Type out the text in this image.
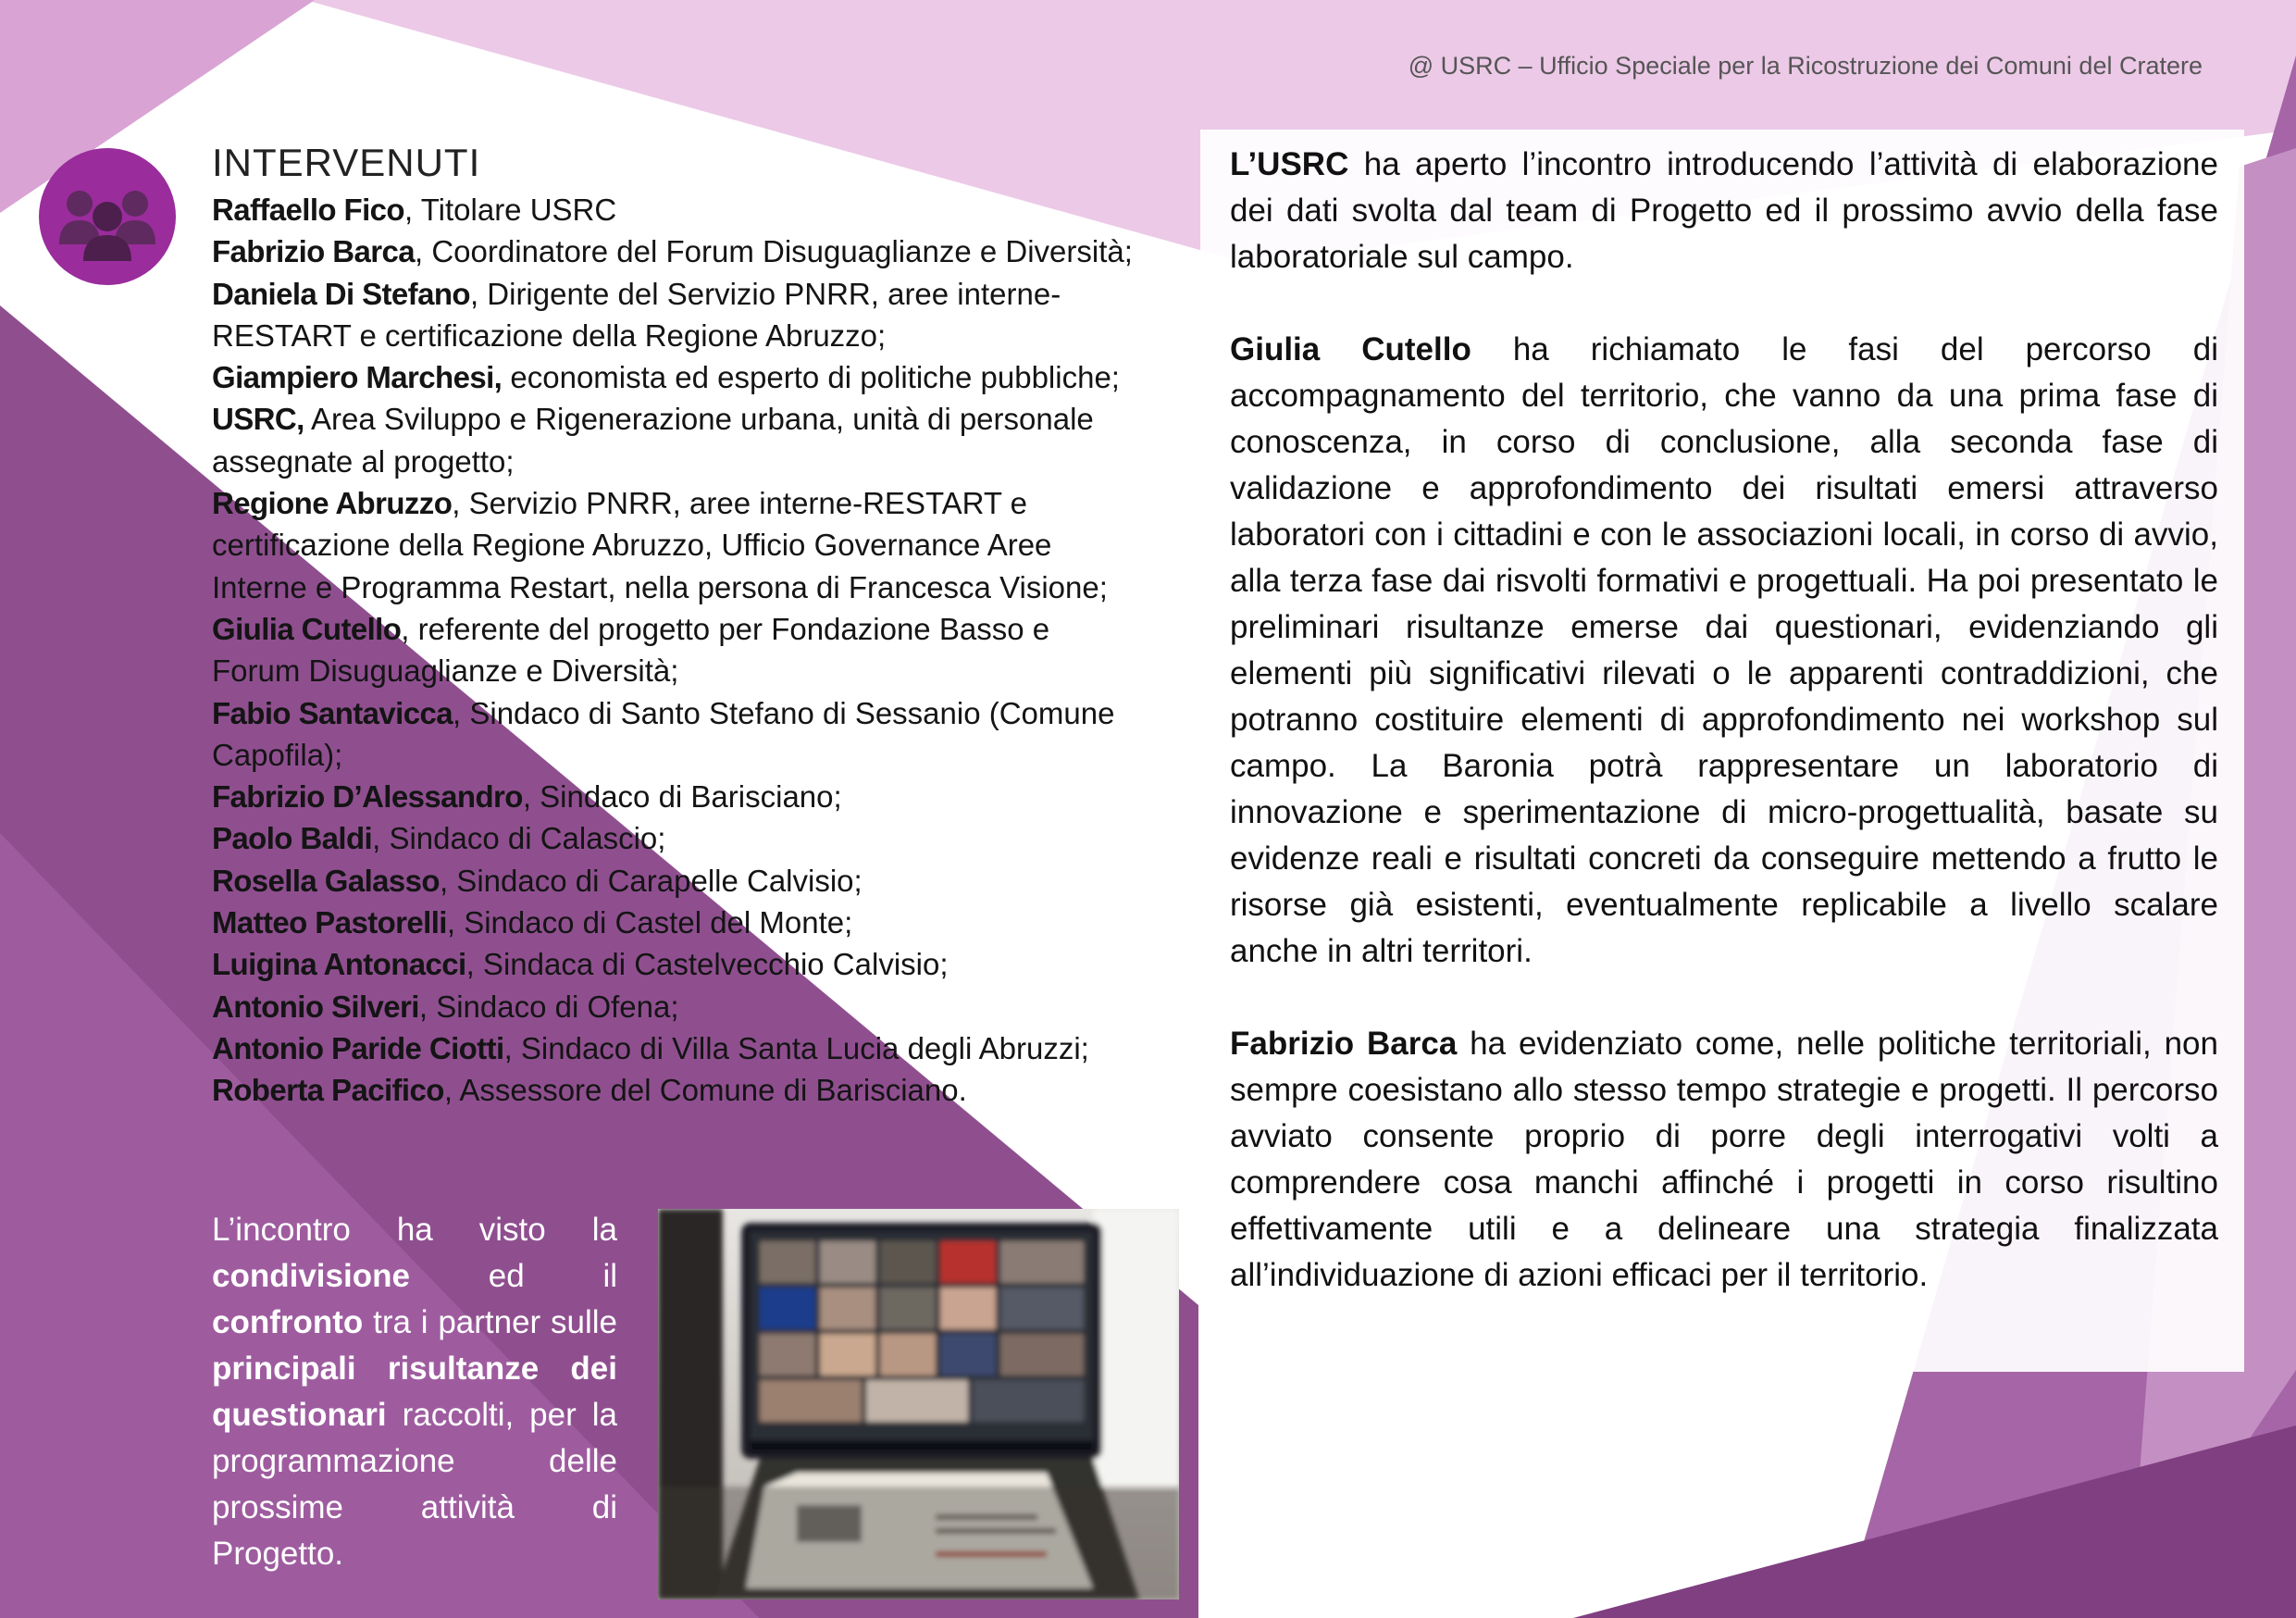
@ USRC – Ufficio Speciale per la Ricostruzione dei Comuni del Cratere
INTERVENUTI
Raffaello Fico, Titolare USRC
Fabrizio Barca, Coordinatore del Forum Disuguaglianze e Diversità;
Daniela Di Stefano, Dirigente del Servizio PNRR, aree interne-RESTART e certificazione della Regione Abruzzo;
Giampiero Marchesi, economista ed esperto di politiche pubbliche;
USRC, Area Sviluppo e Rigenerazione urbana, unità di personale assegnate al progetto;
Regione Abruzzo, Servizio PNRR, aree interne-RESTART e certificazione della Regione Abruzzo, Ufficio Governance Aree Interne e Programma Restart, nella persona di Francesca Visione;
Giulia Cutello, referente del progetto per Fondazione Basso e Forum Disuguaglianze e Diversità;
Fabio Santavicca, Sindaco di Santo Stefano di Sessanio (Comune Capofila);
Fabrizio D’Alessandro, Sindaco di Barisciano;
Paolo Baldi, Sindaco di Calascio;
Rosella Galasso, Sindaco di Carapelle Calvisio;
Matteo Pastorelli, Sindaco di Castel del Monte;
Luigina Antonacci, Sindaca di Castelvecchio Calvisio;
Antonio Silveri, Sindaco di Ofena;
Antonio Paride Ciotti, Sindaco di Villa Santa Lucia degli Abruzzi;
Roberta Pacifico, Assessore del Comune di Barisciano.
L’incontro ha visto la condivisione ed il confronto tra i partner sulle principali risultanze dei questionari raccolti, per la programmazione delle prossime attività di Progetto.

L’USRC ha aperto l’incontro introducendo l’attività di elaborazione dei dati svolta dal team di Progetto ed il prossimo avvio della fase laboratoriale sul campo.

Giulia Cutello ha richiamato le fasi del percorso di accompagnamento del territorio, che vanno da una prima fase di conoscenza, in corso di conclusione, alla seconda fase di validazione e approfondimento dei risultati emersi attraverso laboratori con i cittadini e con le associazioni locali, in corso di avvio, alla terza fase dai risvolti formativi e progettuali. Ha poi presentato le preliminari risultanze emerse dai questionari, evidenziando gli elementi più significativi rilevati o le apparenti contraddizioni, che potranno costituire elementi di approfondimento nei workshop sul campo. La Baronia potrà rappresentare un laboratorio di innovazione e sperimentazione di micro-progettualità, basate su evidenze reali e risultati concreti da conseguire mettendo a frutto le risorse già esistenti, eventualmente replicabile a livello scalare anche in altri territori.

Fabrizio Barca ha evidenziato come, nelle politiche territoriali, non sempre coesistano allo stesso tempo strategie e progetti. Il percorso avviato consente proprio di porre degli interrogativi volti a comprendere cosa manchi affinché i progetti in corso risultino effettivamente utili e a delineare una strategia finalizzata all’individuazione di azioni efficaci per il territorio.
